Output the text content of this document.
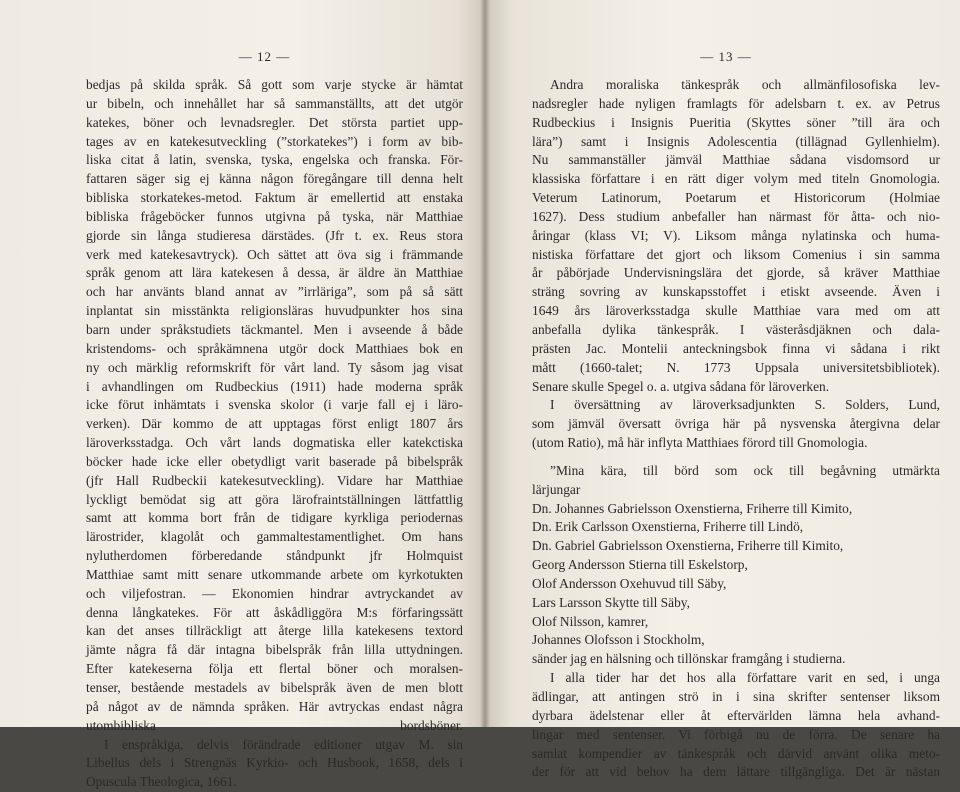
— 12 —
bedjas på skilda språk. Så gott som varje stycke är hämtat
ur bibeln, och innehållet har så sammanställts, att det utgör
katekes, böner och levnadsregler. Det största partiet upp-
tages av en katekesutveckling (”storkatekes”) i form av bib-
liska citat å latin, svenska, tyska, engelska och franska. För-
fattaren säger sig ej känna någon föregångare till denna helt
bibliska storkatekes-metod. Faktum är emellertid att enstaka
bibliska frågeböcker funnos utgivna på tyska, när Matthiae
gjorde sin långa studieresa därstädes. (Jfr t. ex. Reus stora
verk med katekesavtryck). Och sättet att öva sig i främmande
språk genom att lära katekesen å dessa, är äldre än Matthiae
och har använts bland annat av ”irrläriga”, som på så sätt
inplantat sin misstänkta religionsläras huvudpunkter hos sina
barn under språkstudiets täckmantel. Men i avseende å både
kristendoms- och språkämnena utgör dock Matthiaes bok en
ny och märklig reformskrift för vårt land. Ty såsom jag visat
i avhandlingen om Rudbeckius (1911) hade moderna språk
icke förut inhämtats i svenska skolor (i varje fall ej i läro-
verken). Där kommo de att upptagas först enligt 1807 års
läroverksstadga. Och vårt lands dogmatiska eller katekctiska
böcker hade icke eller obetydligt varit baserade på bibelspråk
(jfr Hall Rudbeckii katekesutveckling). Vidare har Matthiae
lyckligt bemödat sig att göra lärofraintställningen lättfattlig
samt att komma bort från de tidigare kyrkliga periodernas
lärostrider, klagolåt och gammaltestamentlighet. Om hans
nylutherdomen förberedande ståndpunkt jfr Holmquist
Matthiae samt mitt senare utkommande arbete om kyrkotukten
och viljefostran. — Ekonomien hindrar avtryckandet av
denna långkatekes. För att åskådliggöra M:s förfaringssätt
kan det anses tillräckligt att återge lilla katekesens textord
jämte några få där intagna bibelspråk från lilla uttydningen.
Efter katekeserna följa ett flertal böner och moralsen-
tenser, bestående mestadels av bibelspråk även de men blott
på något av de nämnda språken. Här avtryckas endast några
utombibliska bordsböner.
I enspråkiga, delvis förändrade editioner utgav M. sin
Libellus dels i Strengnäs Kyrkio- och Husbook, 1658, dels i
Opuscula Theologica, 1661.
— 13 —
Andra moraliska tänkespråk och allmänfilosofiska lev-
nadsregler hade nyligen framlagts för adelsbarn t. ex. av Petrus
Rudbeckius i Insignis Pueritia (Skyttes söner ”till ära och
lära”) samt i Insignis Adolescentia (tillägnad Gyllenhielm).
Nu sammanställer jämväl Matthiae sådana visdomsord ur
klassiska författare i en rätt diger volym med titeln Gnomologia.
Veterum Latinorum, Poetarum et Historicorum (Holmiae
1627). Dess studium anbefaller han närmast för åtta- och nio-
åringar (klass VI; V). Liksom många nylatinska och huma-
nistiska författare det gjort och liksom Comenius i sin samma
år påbörjade Undervisningslära det gjorde, så kräver Matthiae
sträng sovring av kunskapsstoffet i etiskt avseende. Även i
1649 års läroverksstadga skulle Matthiae vara med om att
anbefalla dylika tänkespråk. I västeråsdjäknen och dala-
prästen Jac. Montelii anteckningsbok finna vi sådana i rikt
mått (1660-talet; N. 1773 Uppsala universitetsbibliotek).
Senare skulle Spegel o. a. utgiva sådana för läroverken.
I översättning av läroverksadjunkten S. Solders, Lund,
som jämväl översatt övriga här på nysvenska återgivna delar
(utom Ratio), må här inflyta Matthiaes förord till Gnomologia.
”Mina kära, till börd som ock till begåvning utmärkta
lärjungar
Dn. Johannes Gabrielsson Oxenstierna, Friherre till Kimito,
Dn. Erik Carlsson Oxenstierna, Friherre till Lindö,
Dn. Gabriel Gabrielsson Oxenstierna, Friherre till Kimito,
Georg Andersson Stierna till Eskelstorp,
Olof Andersson Oxehuvud till Säby,
Lars Larsson Skytte till Säby,
Olof Nilsson, kamrer,
Johannes Olofsson i Stockholm,
sänder jag en hälsning och tillönskar framgång i studierna.
I alla tider har det hos alla författare varit en sed, i unga
ädlingar, att antingen strö in i sina skrifter sentenser liksom
dyrbara ädelstenar eller åt eftervärlden lämna hela avhand-
lingar med sentenser. Vi förbigå nu de förra. De senare ha
samlat kompendier av tänkespråk och därvid använt olika meto-
der för att vid behov ha dem lättare tillgängliga. Det är nästan
